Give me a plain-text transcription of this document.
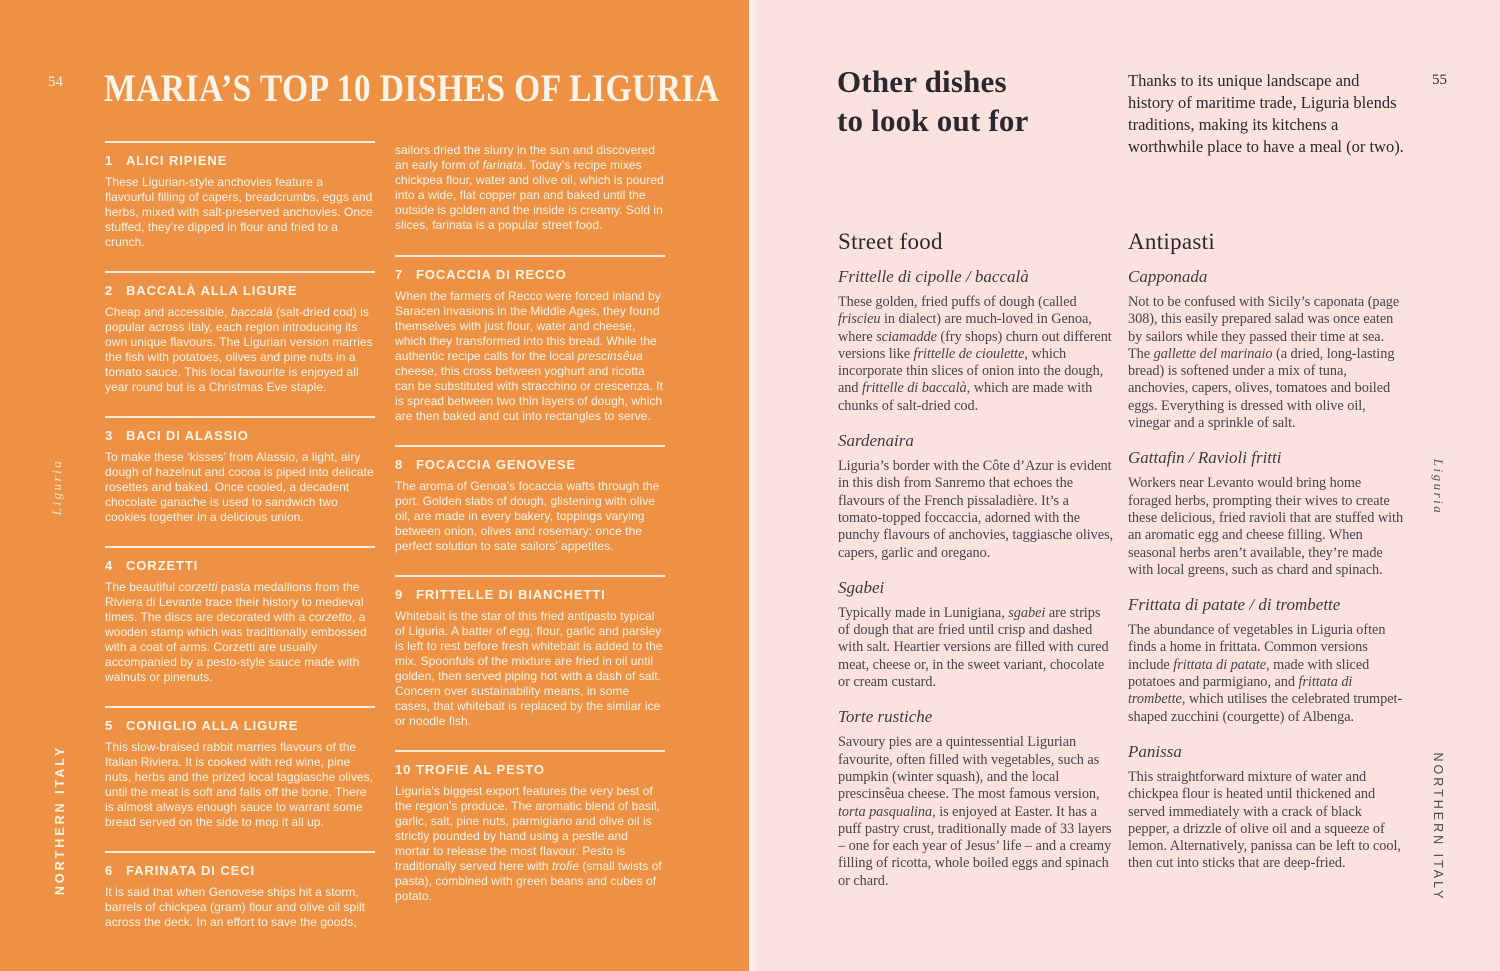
54 MARIA’S TOP 10 DISHES OF LIGURIA
1 ALICI RIPIENE

These Ligurian-style anchovies feature a flavourful filling of capers, breadcrumbs, eggs and herbs, mixed with salt-preserved anchovies. Once stuffed, they’re dipped in flour and fried to a crunch.

2 BACCALÀ ALLA LIGURE

Cheap and accessible, baccalà (salt-dried cod) is popular across Italy, each region introducing its own unique flavours. The Ligurian version marries the fish with potatoes, olives and pine nuts in a tomato sauce. This local favourite is enjoyed all year round but is a Christmas Eve staple.

3 BACI DI ALASSIO

To make these ‘kisses’ from Alassio, a light, airy dough of hazelnut and cocoa is piped into delicate rosettes and baked. Once cooled, a decadent chocolate ganache is used to sandwich two cookies together in a delicious union.

4 CORZETTI

The beautiful corzetti pasta medallions from the Riviera di Levante trace their history to medieval times. The discs are decorated with a corzetto, a wooden stamp which was traditionally embossed with a coat of arms. Corzetti are usually accompanied by a pesto-style sauce made with walnuts or pinenuts.

5 CONIGLIO ALLA LIGURE

This slow-braised rabbit marries flavours of the Italian Riviera. It is cooked with red wine, pine nuts, herbs and the prized local taggiasche olives, until the meat is soft and falls off the bone. There is almost always enough sauce to warrant some bread served on the side to mop it all up.

6 FARINATA DI CECI

It is said that when Genovese ships hit a storm, barrels of chickpea (gram) flour and olive oil spilt across the deck. In an effort to save the goods,

sailors dried the slurry in the sun and discovered an early form of farinata. Today’s recipe mixes chickpea flour, water and olive oil, which is poured into a wide, flat copper pan and baked until the outside is golden and the inside is creamy. Sold in slices, farinata is a popular street food.

7 FOCACCIA DI RECCO

When the farmers of Recco were forced inland by Saracen invasions in the Middle Ages, they found themselves with just flour, water and cheese, which they transformed into this bread. While the authentic recipe calls for the local prescinsêua cheese, this cross between yoghurt and ricotta can be substituted with stracchino or crescenza. It is spread between two thin layers of dough, which are then baked and cut into rectangles to serve.

8 FOCACCIA GENOVESE

The aroma of Genoa’s focaccia wafts through the port. Golden slabs of dough, glistening with olive oil, are made in every bakery, toppings varying between onion, olives and rosemary: once the perfect solution to sate sailors’ appetites.

9 FRITTELLE DI BIANCHETTI

Whitebait is the star of this fried antipasto typical of Liguria. A batter of egg, flour, garlic and parsley is left to rest before fresh whitebait is added to the mix. Spoonfuls of the mixture are fried in oil until golden, then served piping hot with a dash of salt. Concern over sustainability means, in some cases, that whitebait is replaced by the similar ice or noodle fish.

10 TROFIE AL PESTO

Liguria’s biggest export features the very best of the region’s produce. The aromatic blend of basil, garlic, salt, pine nuts, parmigiano and olive oil is strictly pounded by hand using a pestle and mortar to release the most flavour. Pesto is traditionally served here with trofie (small twists of pasta), combined with green beans and cubes of potato.

Liguria
NORTHERN ITALY
55
Other dishes
to look out for

Thanks to its unique landscape and history of maritime trade, Liguria blends traditions, making its kitchens a worthwhile place to have a meal (or two).

Street food
Frittelle di cipolle / baccalà

These golden, fried puffs of dough (called friscieu in dialect) are much-loved in Genoa, where sciamadde (fry shops) churn out different versions like frittelle de cioulette, which incorporate thin slices of onion into the dough, and frittelle di baccalà, which are made with chunks of salt-dried cod.

Sardenaira

Liguria’s border with the Côte d’Azur is evident in this dish from Sanremo that echoes the flavours of the French pissaladière. It’s a tomato-topped foccaccia, adorned with the punchy flavours of anchovies, taggiasche olives, capers, garlic and oregano.

Sgabei

Typically made in Lunigiana, sgabei are strips of dough that are fried until crisp and dashed with salt. Heartier versions are filled with cured meat, cheese or, in the sweet variant, chocolate or cream custard.

Torte rustiche

Savoury pies are a quintessential Ligurian favourite, often filled with vegetables, such as pumpkin (winter squash), and the local prescinsêua cheese. The most famous version, torta pasqualina, is enjoyed at Easter. It has a puff pastry crust, traditionally made of 33 layers – one for each year of Jesus’ life – and a creamy filling of ricotta, whole boiled eggs and spinach or chard.

Antipasti
Capponada

Not to be confused with Sicily’s caponata (page 308), this easily prepared salad was once eaten by sailors while they passed their time at sea. The gallette del marinaio (a dried, long-lasting bread) is softened under a mix of tuna, anchovies, capers, olives, tomatoes and boiled eggs. Everything is dressed with olive oil, vinegar and a sprinkle of salt.

Gattafin / Ravioli fritti

Workers near Levanto would bring home foraged herbs, prompting their wives to create these delicious, fried ravioli that are stuffed with an aromatic egg and cheese filling. When seasonal herbs aren’t available, they’re made with local greens, such as chard and spinach.

Frittata di patate / di trombette

The abundance of vegetables in Liguria often finds a home in frittata. Common versions include frittata di patate, made with sliced potatoes and parmigiano, and frittata di trombette, which utilises the celebrated trumpet-shaped zucchini (courgette) of Albenga.

Panissa

This straightforward mixture of water and chickpea flour is heated until thickened and served immediately with a crack of black pepper, a drizzle of olive oil and a squeeze of lemon. Alternatively, panissa can be left to cool, then cut into sticks that are deep-fried.

Liguria
NORTHERN ITALY
